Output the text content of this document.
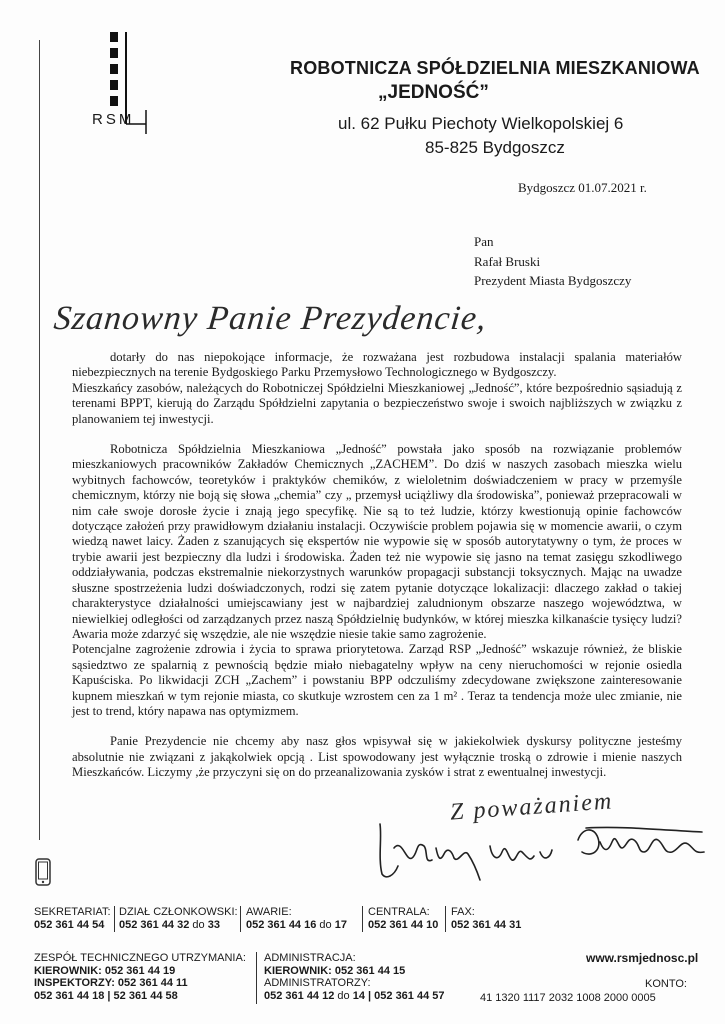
RSM
ROBOTNICZA SPÓŁDZIELNIA MIESZKANIOWA
„JEDNOŚĆ”
ul. 62 Pułku Piechoty Wielkopolskiej 6
85-825 Bydgoszcz
Bydgoszcz 01.07.2021 r.
Pan
Rafał Bruski
Prezydent Miasta Bydgoszczy
Szanowny Panie Prezydencie,

dotarły do nas niepokojące informacje, że rozważana jest rozbudowa instalacji spalania materiałów niebezpiecznych na terenie Bydgoskiego Parku Przemysłowo Technologicznego w Bydgoszczy.

Mieszkańcy zasobów, należących do Robotniczej Spółdzielni Mieszkaniowej „Jedność”, które bezpośrednio sąsiadują z terenami BPPT, kierują do Zarządu Spółdzielni zapytania o bezpieczeństwo swoje i swoich najbliższych w związku z planowaniem tej inwestycji.

Robotnicza Spółdzielnia Mieszkaniowa „Jedność” powstała jako sposób na rozwiązanie problemów mieszkaniowych pracowników Zakładów Chemicznych „ZACHEM”. Do dziś w naszych zasobach mieszka wielu wybitnych fachowców, teoretyków i praktyków chemików, z wieloletnim doświadczeniem w pracy w przemyśle chemicznym, którzy nie boją się słowa „chemia” czy „ przemysł uciążliwy dla środowiska”, ponieważ przepracowali w nim całe swoje dorosłe życie i znają jego specyfikę. Nie są to też ludzie, którzy kwestionują opinie fachowców dotyczące założeń przy prawidłowym działaniu instalacji. Oczywiście problem pojawia się w momencie awarii, o czym wiedzą nawet laicy. Żaden z szanujących się ekspertów nie wypowie się w sposób autorytatywny o tym, że proces w trybie awarii jest bezpieczny dla ludzi i środowiska. Żaden też nie wypowie się jasno na temat zasięgu szkodliwego oddziaływania, podczas ekstremalnie niekorzystnych warunków propagacji substancji toksycznych. Mając na uwadze słuszne spostrzeżenia ludzi doświadczonych, rodzi się zatem pytanie dotyczące lokalizacji: dlaczego zakład o takiej charakterystyce działalności umiejscawiany jest w najbardziej zaludnionym obszarze naszego województwa, w niewielkiej odległości od zarządzanych przez naszą Spółdzielnię budynków, w której mieszka kilkanaście tysięcy ludzi? Awaria może zdarzyć się wszędzie, ale nie wszędzie niesie takie samo zagrożenie.

Potencjalne zagrożenie zdrowia i życia to sprawa priorytetowa. Zarząd RSP „Jedność” wskazuje również, że bliskie sąsiedztwo ze spalarnią z pewnością będzie miało niebagatelny wpływ na ceny nieruchomości w rejonie osiedla Kapuściska. Po likwidacji ZCH „Zachem” i powstaniu BPP odczuliśmy zdecydowane zwiększone zainteresowanie kupnem mieszkań w tym rejonie miasta, co skutkuje wzrostem cen za 1 m² . Teraz ta tendencja może ulec zmianie, nie jest to trend, który napawa nas optymizmem.

Panie Prezydencie nie chcemy aby nasz głos wpisywał się w jakiekolwiek dyskursy polityczne jesteśmy absolutnie nie związani z jakąkolwiek opcją . List spowodowany jest wyłącznie troską o zdrowie i mienie naszych Mieszkańców. Liczymy ,że przyczyni się on do przeanalizowania zysków i strat z ewentualnej inwestycji.

Z poważaniem
SEKRETARIAT:
052 361 44 54
DZIAŁ CZŁONKOWSKI:
052 361 44 32 do 33
AWARIE:
052 361 44 16 do 17
CENTRALA:
052 361 44 10
FAX:
052 361 44 31
ZESPÓŁ TECHNICZNEGO UTRZYMANIA:
KIEROWNIK: 052 361 44 19
INSPEKTORZY: 052 361 44 11
052 361 44 18 | 52 361 44 58
ADMINISTRACJA:
KIEROWNIK: 052 361 44 15
ADMINISTRATORZY:
052 361 44 12 do 14 | 052 361 44 57
www.rsmjednosc.pl
KONTO:
41 1320 1117 2032 1008 2000 0005
